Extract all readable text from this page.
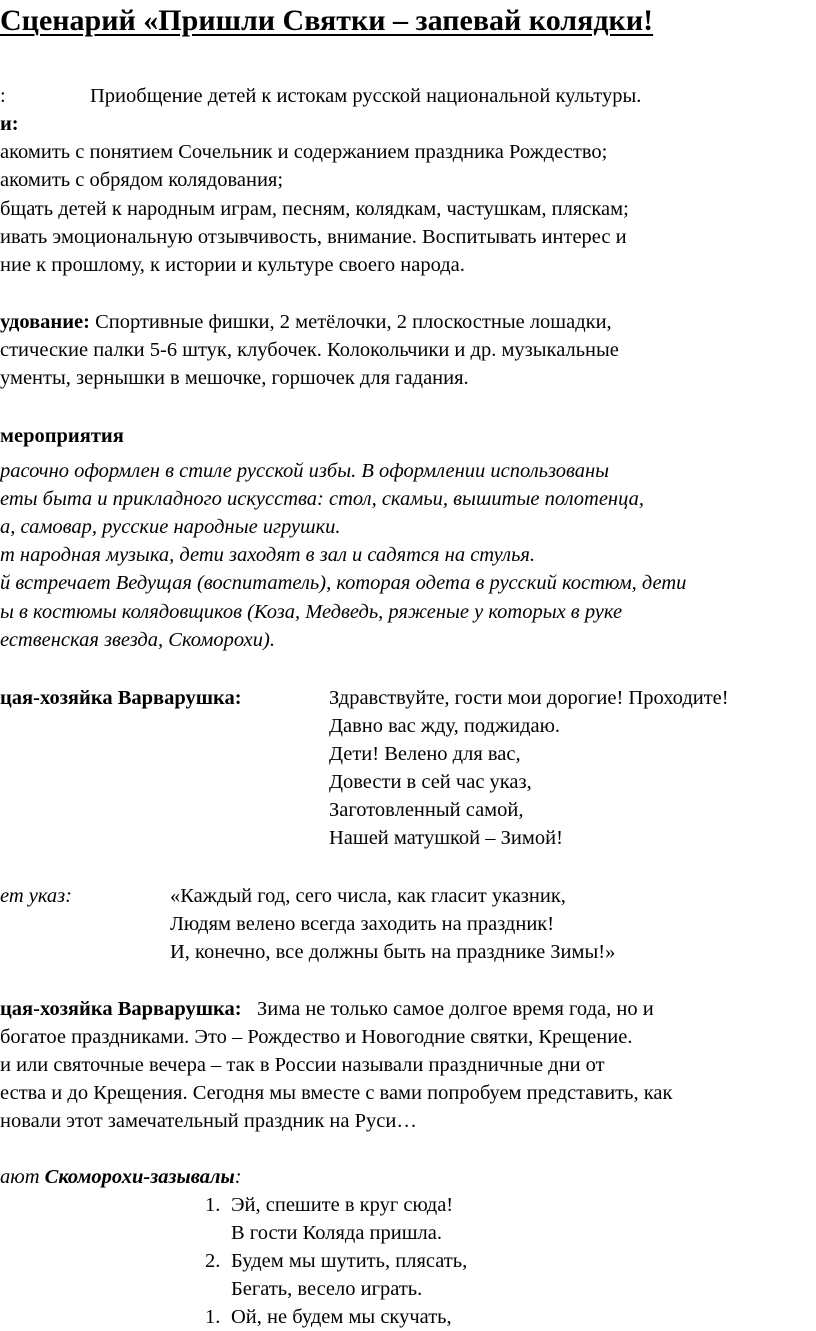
Сценарий «Пришли Святки – запевай колядки!
:	Приобщение детей к истокам русской национальной культуры.
и:
акомить с понятием Сочельник и содержанием праздника Рождество;
акомить с обрядом колядования;
бщать детей к народным играм, песням, колядкам, частушкам, пляскам;
ивать эмоциональную отзывчивость, внимание. Воспитывать интерес и
ние к прошлому, к истории и культуре своего народа.
удование: Спортивные фишки, 2 метёлочки, 2 плоскостные лошадки,
стические палки 5-6 штук, клубочек. Колокольчики и др. музыкальные
ументы, зернышки в мешочке, горшочек для гадания.
мероприятия
расочно оформлен в стиле русской избы. В оформлении использованы
еты быта и прикладного искусства: стол, скамьи, вышитые полотенца,
а, самовар, русские народные игрушки.
т народная музыка, дети заходят в зал и садятся на стулья.
й встречает Ведущая (воспитатель), которая одета в русский костюм, дети
ы в костюмы колядовщиков (Коза, Медведь, ряженые у которых в руке
ественская звезда, Скоморохи).
цая-хозяйка Варварушка:	Здравствуйте, гости мои дорогие! Проходите!
Давно вас жду, поджидаю.
Дети! Велено для вас,
Довести в сей час указ,
Заготовленный самой,
Нашей матушкой – Зимой!
ет указ:	«Каждый год, сего числа, как гласит указник,
Людям велено всегда заходить на праздник!
И, конечно, все должны быть на празднике Зимы!»
цая-хозяйка Варварушка:   Зима не только самое долгое время года, но и
богатое праздниками. Это – Рождество и Новогодние святки, Крещение.
и или святочные вечера – так в России называли праздничные дни от
ества и до Крещения. Сегодня мы вместе с вами попробуем представить, как
новали этот замечательный праздник на Руси…
ают Скоморохи-зазывалы:
1. Эй, спешите в круг сюда!
В гости Коляда пришла.
2. Будем мы шутить, плясать,
Бегать, весело играть.
1. Ой, не будем мы скучать,
